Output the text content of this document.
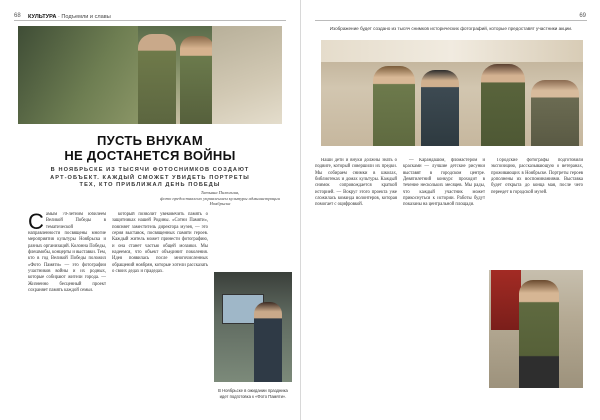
68 КУЛЬТУРА · Подъемли и славы
ПУСТЬ ВНУКАМ
НЕ ДОСТАНЕТСЯ ВОЙНЫ
В НОЯБРЬСКЕ ИЗ ТЫСЯЧИ ФОТОСНИМКОВ СОЗДАЮТ АРТ-ОБЪЕКТ. КАЖДЫЙ СМОЖЕТ УВИДЕТЬ ПОРТРЕТЫ ТЕХ, КТО ПРИБЛИЖАЛ ДЕНЬ ПОБЕДЫ
Татьяна Пилюгина,
фото предоставлено управлением культуры администрации Ноябрьска
С амым 70-летним юбилеем Великой Победы в тематической направленности посвящены многие мероприятия культуры Ноябрьска и разных организаций. Колонна Победы, флешмобы, концерты и выставки. Тем, кто в год Великой Победы положил «Фото Памяти» — это фотографии участников войны и их родных, которые собирают жители города. — Жизненно бесценный проект сохраняет память каждой семьи.

который позволит увековечить память о защитниках нашей Родины. «Сотни Памяти», поясняет заместитель директора музея, — это серия выставок, посвященных памяти героев. Каждый житель может принести фотографию, и она станет частью общей мозаики. Мы надеемся, что объект объединит поколения. Идея появилась после многочисленных обращений ноябрян, которые хотели рассказать о своих дедах и прадедах.

В Ноябрьске в ожидании праздника идет подготовка к «Фото Памяти».
69
Изображение будет создано из тысяч снимков исторических фотографий, которые предоставят участники акции.

Наши дети и внуки должны знать о подвиге, который совершили их предки. Мы собираем снимки в школах, библиотеках и домах культуры. Каждый снимок сопровождается краткой историей. — Вокруг этого проекта уже сложилась команда волонтеров, которая помогает с оцифровкой.

— Карандашом, фломастером и красками — лучшие детские рисунки выставят в городском центре. Девятилетний конкурс проходит в течение нескольких месяцев. Мы рады, что каждый участник может прикоснуться к истории. Работы будут показаны на центральной площади.

Городские фотографы подготовили экспозицию, рассказывающую о ветеранах, проживающих в Ноябрьске. Портреты героев дополнены их воспоминаниями. Выставка будет открыта до конца мая, после чего переедет в городской музей.
